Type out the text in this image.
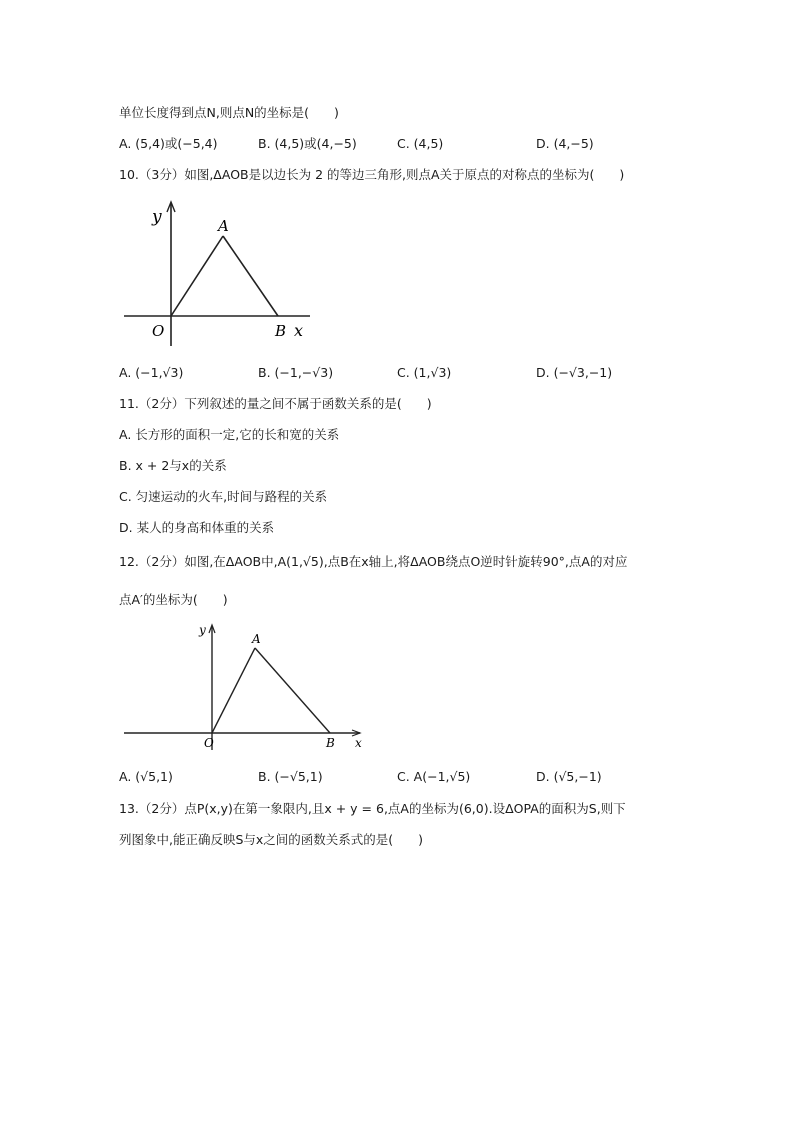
单位长度得到点N,则点N的坐标是(　　)
A. (5,4)或(−5,4)	B. (4,5)或(4,−5)	C. (4,5)	D. (4,−5)
10.（3分）如图,ΔAOB是以边长为 2 的等边三角形,则点A关于原点的对称点的坐标为(　　)
y	A
O	B x
A. (−1,√3)	B. (−1,−√3)	C. (1,√3)	D. (−√3,−1)
11.（2分）下列叙述的量之间不属于函数关系的是(　　)
A. 长方形的面积一定,它的长和宽的关系
B. x + 2与x的关系
C. 匀速运动的火车,时间与路程的关系
D. 某人的身高和体重的关系
12.（2分）如图,在ΔAOB中,A(1,√5),点B在x轴上,将ΔAOB绕点O逆时针旋转90°,点A的对应
点A′的坐标为(　　)
y
A
O	B x
A. (√5,1)	B. (−√5,1)	C. A(−1,√5)	D. (√5,−1)
13.（2分）点P(x,y)在第一象限内,且x + y = 6,点A的坐标为(6,0).设ΔOPA的面积为S,则下
列图象中,能正确反映S与x之间的函数关系式的是(　　)
